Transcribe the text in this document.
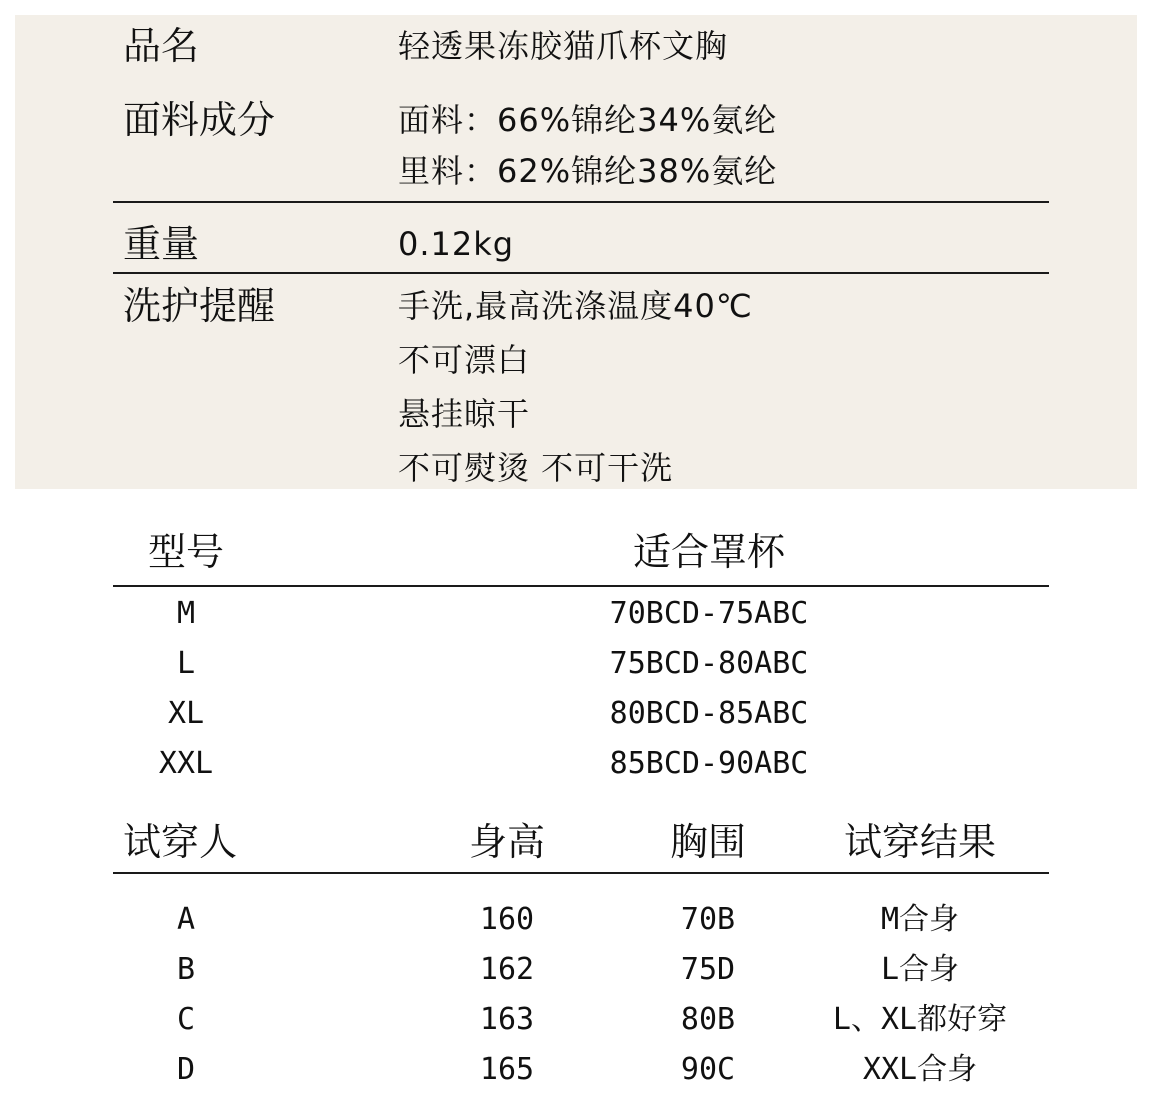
品名	轻透果冻胶猫爪杯文胸
面料成分	面料：66%锦纶34%氨纶
里料：62%锦纶38%氨纶
重量	0.12kg
洗护提醒	手洗,最高洗涤温度40℃
不可漂白
悬挂晾干
不可熨烫 不可干洗
型号	适合罩杯
M	70BCD-75ABC
L	75BCD-80ABC
XL	80BCD-85ABC
XXL	85BCD-90ABC
试穿人	身高	胸围	试穿结果
A	160	70B	M合身
B	162	75D	L合身
C	163	80B	L、XL都好穿
D	165	90C	XXL合身
